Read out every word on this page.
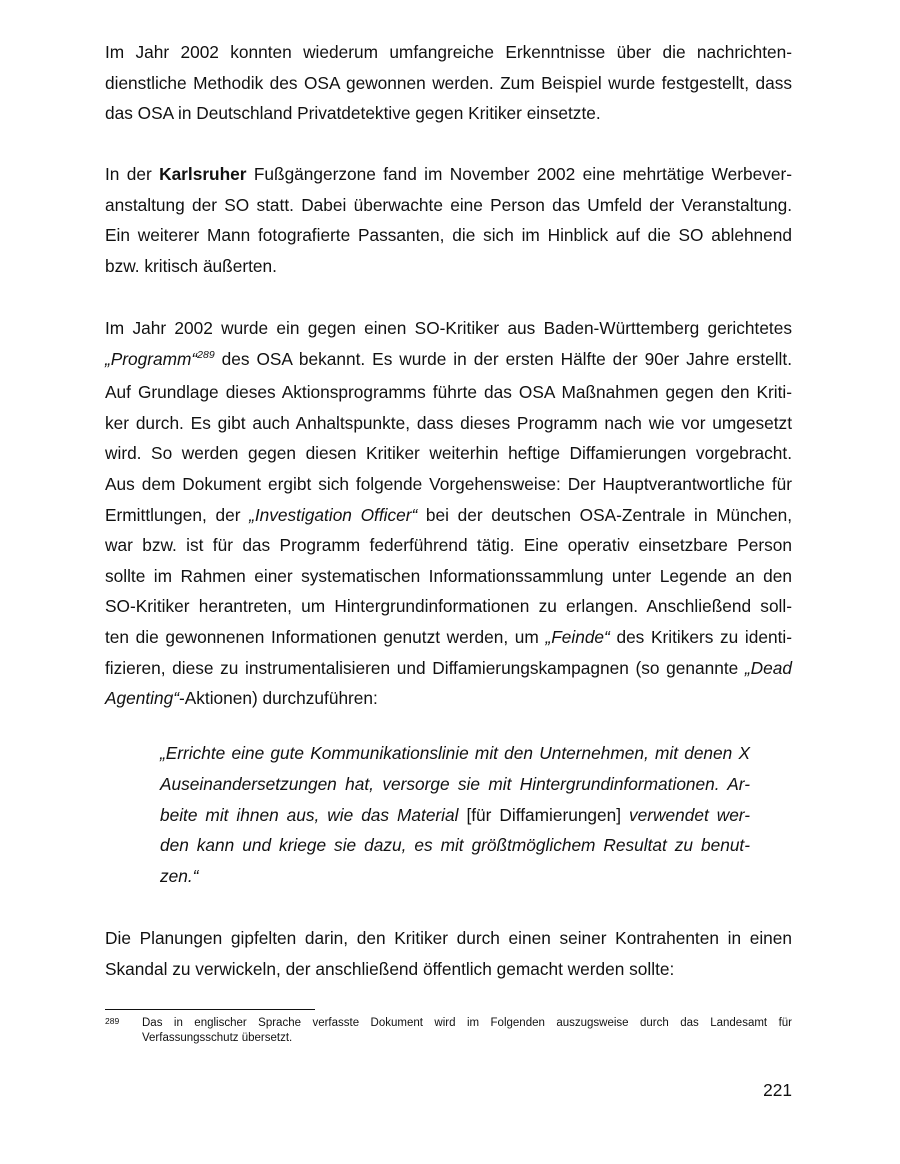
Im Jahr 2002 konnten wiederum umfangreiche Erkenntnisse über die nachrichten-
dienstliche Methodik des OSA gewonnen werden. Zum Beispiel wurde festgestellt, dass
das OSA in Deutschland Privatdetektive gegen Kritiker einsetzte.

In der Karlsruher Fußgängerzone fand im November 2002 eine mehrtätige Werbever-
anstaltung der SO statt. Dabei überwachte eine Person das Umfeld der Veranstaltung.
Ein weiterer Mann fotografierte Passanten, die sich im Hinblick auf die SO ablehnend
bzw. kritisch äußerten.

Im Jahr 2002 wurde ein gegen einen SO-Kritiker aus Baden-Württemberg gerichtetes
„Programm“$^{289}$ des OSA bekannt. Es wurde in der ersten Hälfte der 90er Jahre erstellt.
Auf Grundlage dieses Aktionsprogramms führte das OSA Maßnahmen gegen den Kriti-
ker durch. Es gibt auch Anhaltspunkte, dass dieses Programm nach wie vor umgesetzt
wird. So werden gegen diesen Kritiker weiterhin heftige Diffamierungen vorgebracht.
Aus dem Dokument ergibt sich folgende Vorgehensweise: Der Hauptverantwortliche für
Ermittlungen, der „Investigation Officer“ bei der deutschen OSA-Zentrale in München,
war bzw. ist für das Programm federführend tätig. Eine operativ einsetzbare Person
sollte im Rahmen einer systematischen Informationssammlung unter Legende an den
SO-Kritiker herantreten, um Hintergrundinformationen zu erlangen. Anschließend soll-
ten die gewonnenen Informationen genutzt werden, um „Feinde“ des Kritikers zu identi-
fizieren, diese zu instrumentalisieren und Diffamierungskampagnen (so genannte „Dead
Agenting“-Aktionen) durchzuführen:

„Errichte eine gute Kommunikationslinie mit den Unternehmen, mit denen X
Auseinandersetzungen hat, versorge sie mit Hintergrundinformationen. Ar-
beite mit ihnen aus, wie das Material [für Diffamierungen] verwendet wer-
den kann und kriege sie dazu, es mit größtmöglichem Resultat zu benut-
zen.“

Die Planungen gipfelten darin, den Kritiker durch einen seiner Kontrahenten in einen
Skandal zu verwickeln, der anschließend öffentlich gemacht werden sollte:

289 Das in englischer Sprache verfasste Dokument wird im Folgenden auszugsweise durch das Landesamt für
Verfassungsschutz übersetzt.
221
